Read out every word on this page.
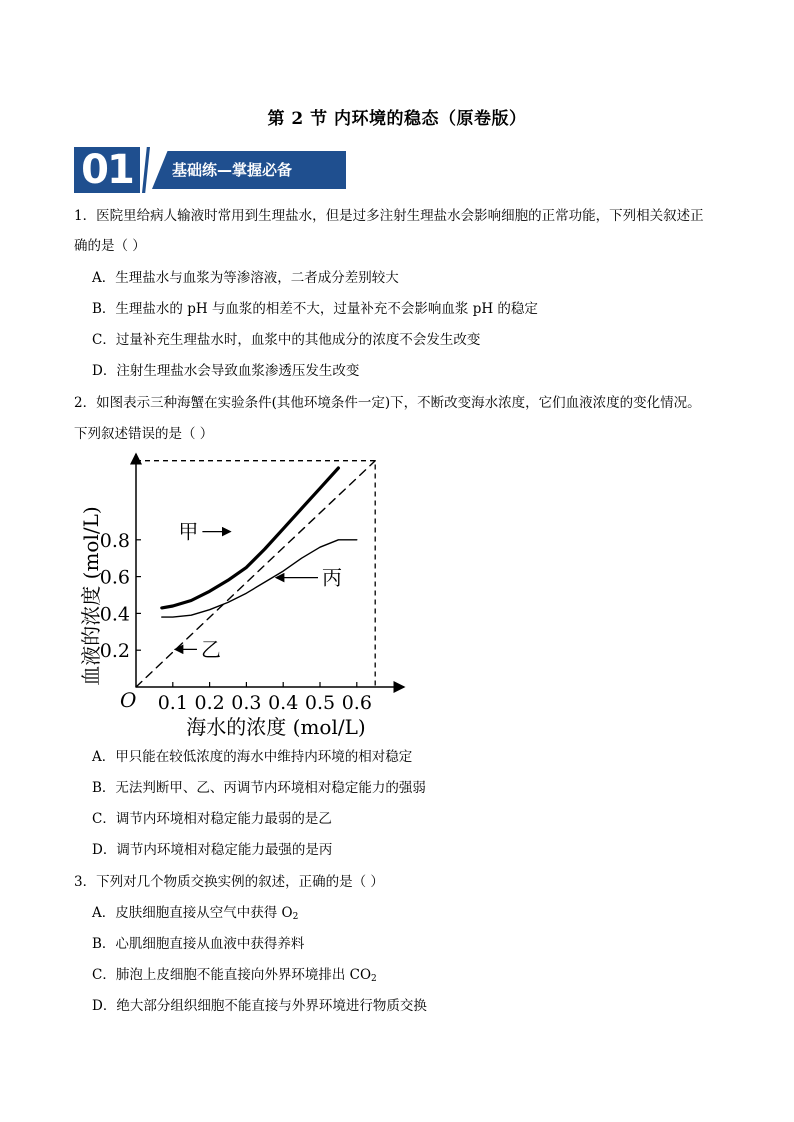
第 2 节 内环境的稳态（原卷版）
01	基础练—掌握必备
1．医院里给病人输液时常用到生理盐水，但是过多注射生理盐水会影响细胞的正常功能，下列相关叙述正
确的是（ ）
A．生理盐水与血浆为等渗溶液，二者成分差别较大
B．生理盐水的 pH 与血浆的相差不大，过量补充不会影响血浆 pH 的稳定
C．过量补充生理盐水时，血浆中的其他成分的浓度不会发生改变
D．注射生理盐水会导致血浆渗透压发生改变
2．如图表示三种海蟹在实验条件(其他环境条件一定)下，不断改变海水浓度，它们血液浓度的变化情况。
下列叙述错误的是（ ）
0.1 0.2 0.3 0.4 0.5 0.6
0.2
0.4
0.6
0.8 甲
丙
乙
O
海水的浓度 (mol/L)
血液的浓度 (mol/L)
A．甲只能在较低浓度的海水中维持内环境的相对稳定
B．无法判断甲、乙、丙调节内环境相对稳定能力的强弱
C．调节内环境相对稳定能力最弱的是乙
D．调节内环境相对稳定能力最强的是丙
3．下列对几个物质交换实例的叙述，正确的是（ ）
A．皮肤细胞直接从空气中获得 $O_2$
B．心肌细胞直接从血液中获得养料
C．肺泡上皮细胞不能直接向外界环境排出 $CO_2$
D．绝大部分组织细胞不能直接与外界环境进行物质交换
